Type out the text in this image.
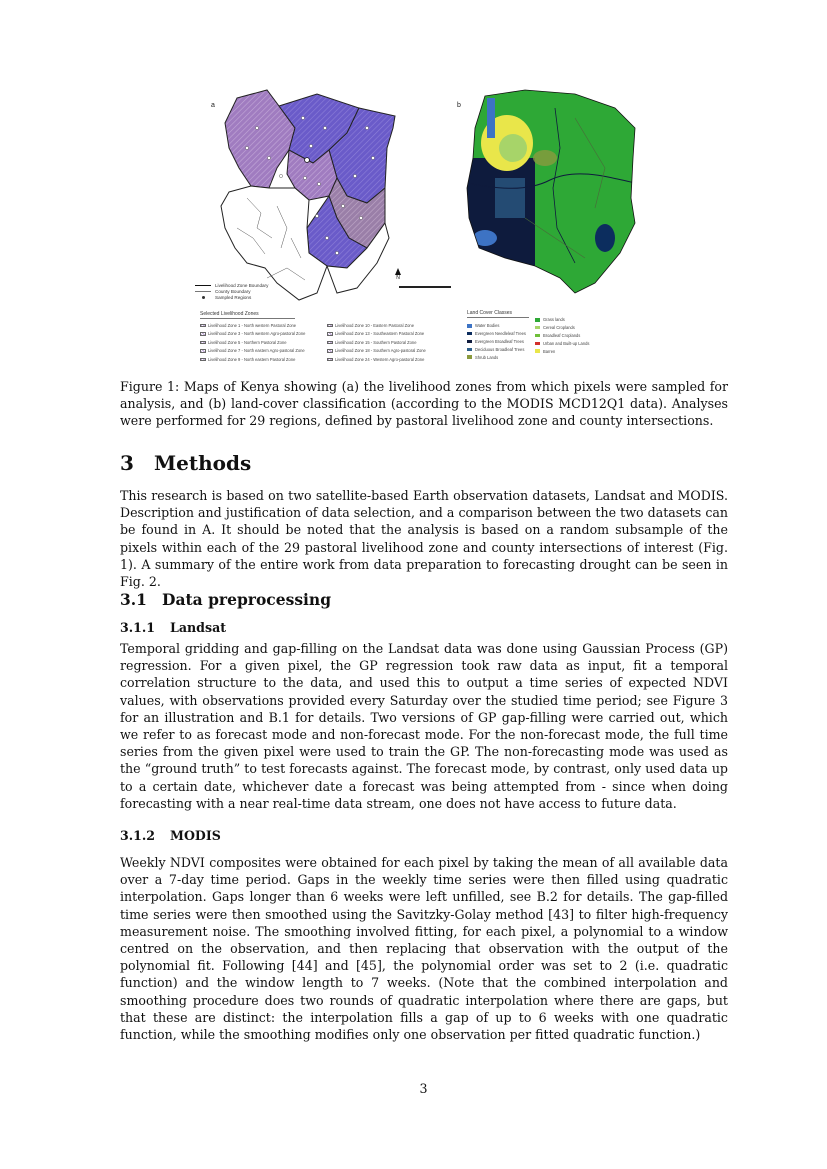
a	b
Livelihood Zone Boundary
County Boundary
Sampled Regions
Selected Livelihood Zones
Livelihood Zone 1 - North western Pastoral Zone	Livelihood Zone 10 - Eastern Pastoral Zone
Livelihood Zone 3 - North western Agro-pastoral Zone	Livelihood Zone 13 - Southeastern Pastoral Zone
Livelihood Zone 5 - Northern Pastoral Zone	Livelihood Zone 15 - Southern Pastoral Zone
Livelihood Zone 7 - North eastern Agro-pastoral Zone	Livelihood Zone 18 - Southern Agro-pastoral Zone
Livelihood Zone 9 - North eastern Pastoral Zone	Livelihood Zone 24 - Western Agro-pastoral Zone
N
Land Cover Classes
Water Bodies
Evergreen Needleleaf Trees
Evergreen Broadleaf Trees
Deciduous Broadleaf Trees
Shrub Lands
Grass lands
Cereal Croplands
Broadleaf Croplands
Urban and Built-up Lands
Barren

Figure 1: Maps of Kenya showing (a) the livelihood zones from which pixels were sampled for analysis, and (b) land-cover classification (according to the MODIS MCD12Q1 data). Analyses were performed for 29 regions, defined by pastoral livelihood zone and county intersections.

3 Methods

This research is based on two satellite-based Earth observation datasets, Landsat and MODIS. Description and justification of data selection, and a comparison between the two datasets can be found in A. It should be noted that the analysis is based on a random subsample of the pixels within each of the 29 pastoral livelihood zone and county intersections of interest (Fig. 1). A summary of the entire work from data preparation to forecasting drought can be seen in Fig. 2.

3.1 Data preprocessing
3.1.1 Landsat

Temporal gridding and gap-filling on the Landsat data was done using Gaussian Process (GP) regression. For a given pixel, the GP regression took raw data as input, fit a temporal correlation structure to the data, and used this to output a time series of expected NDVI values, with observations provided every Saturday over the studied time period; see Figure 3 for an illustration and B.1 for details. Two versions of GP gap-filling were carried out, which we refer to as forecast mode and non-forecast mode. For the non-forecast mode, the full time series from the given pixel were used to train the GP. The non-forecasting mode was used as the “ground truth” to test forecasts against. The forecast mode, by contrast, only used data up to a certain date, whichever date a forecast was being attempted from - since when doing forecasting with a near real-time data stream, one does not have access to future data.

3.1.2 MODIS

Weekly NDVI composites were obtained for each pixel by taking the mean of all available data over a 7-day time period. Gaps in the weekly time series were then filled using quadratic interpolation. Gaps longer than 6 weeks were left unfilled, see B.2 for details. The gap-filled time series were then smoothed using the Savitzky-Golay method [43] to filter high-frequency measurement noise. The smoothing involved fitting, for each pixel, a polynomial to a window centred on the observation, and then replacing that observation with the output of the polynomial fit. Following [44] and [45], the polynomial order was set to 2 (i.e. quadratic function) and the window length to 7 weeks. (Note that the combined interpolation and smoothing procedure does two rounds of quadratic interpolation where there are gaps, but that these are distinct: the interpolation fills a gap of up to 6 weeks with one quadratic function, while the smoothing modifies only one observation per fitted quadratic function.)

3
